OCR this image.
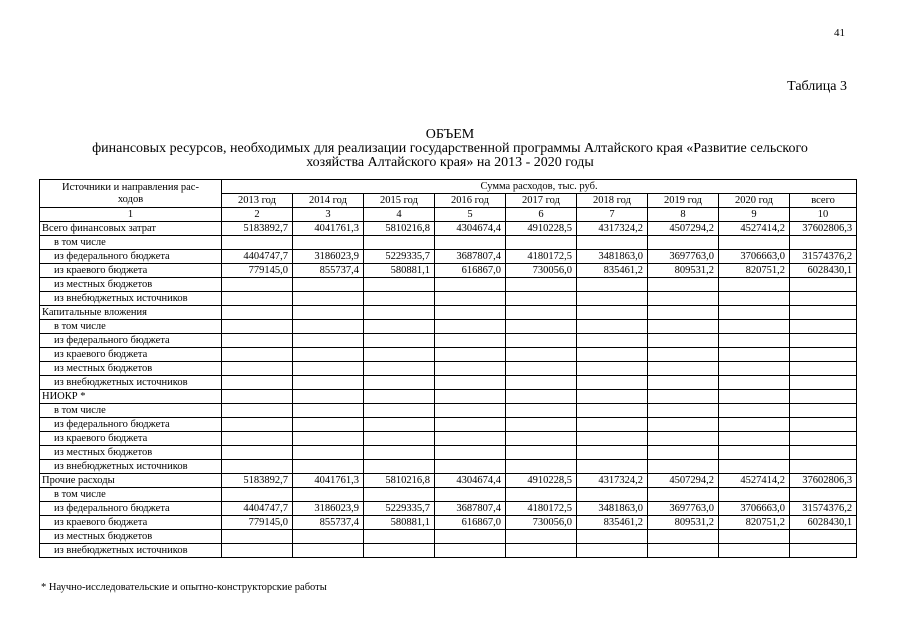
41
Таблица 3
ОБЪЕМ
финансовых ресурсов, необходимых для реализации государственной программы Алтайского края «Развитие сельского
хозяйства Алтайского края» на 2013 - 2020 годы
Источники и направления рас-
ходов	Сумма расходов, тыс. руб.								
	2013 год	2014 год	2015 год	2016 год	2017 год	2018 год	2019 год	2020 год	всего
1	2	3	4	5	6	7	8	9	10
Всего финансовых затрат	5183892,7	4041761,3	5810216,8	4304674,4	4910228,5	4317324,2	4507294,2	4527414,2	37602806,3
в том числе									
из федерального бюджета	4404747,7	3186023,9	5229335,7	3687807,4	4180172,5	3481863,0	3697763,0	3706663,0	31574376,2
из краевого бюджета	779145,0	855737,4	580881,1	616867,0	730056,0	835461,2	809531,2	820751,2	6028430,1
из местных бюджетов									
из внебюджетных источников									
Капитальные вложения									
в том числе									
из федерального бюджета									
из краевого бюджета									
из местных бюджетов									
из внебюджетных источников									
НИОКР *									
в том числе									
из федерального бюджета									
из краевого бюджета									
из местных бюджетов									
из внебюджетных источников									
Прочие расходы	5183892,7	4041761,3	5810216,8	4304674,4	4910228,5	4317324,2	4507294,2	4527414,2	37602806,3
в том числе									
из федерального бюджета	4404747,7	3186023,9	5229335,7	3687807,4	4180172,5	3481863,0	3697763,0	3706663,0	31574376,2
из краевого бюджета	779145,0	855737,4	580881,1	616867,0	730056,0	835461,2	809531,2	820751,2	6028430,1
из местных бюджетов									
из внебюджетных источников									
* Научно-исследовательские и опытно-конструкторские работы
